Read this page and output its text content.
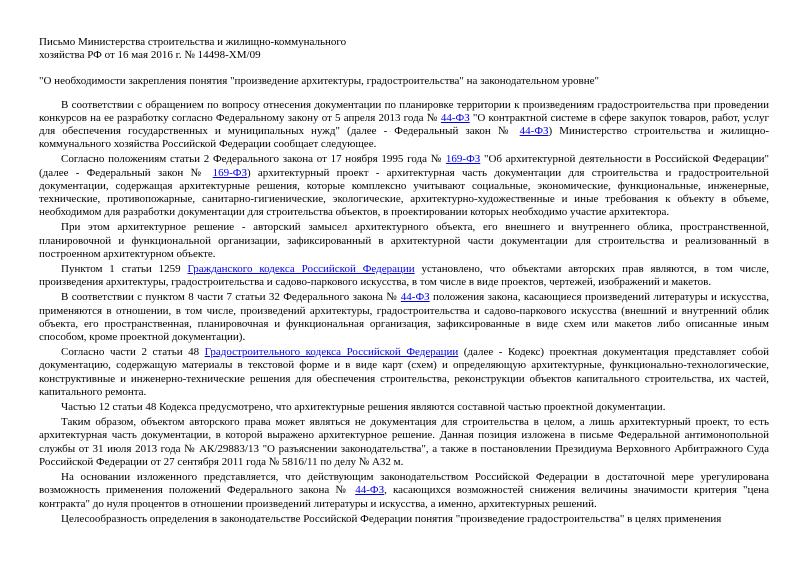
Письмо Министерства строительства и жилищно-коммунального
хозяйства РФ от 16 мая 2016 г. № 14498-ХМ/09
"О необходимости закрепления понятия "произведение архитектуры, градостроительства" на законодательном уровне"

В соответствии с обращением по вопросу отнесения документации по планировке территории к произведениям градостроительства при проведении конкурсов на ее разработку согласно Федеральному закону от 5 апреля 2013 года № 44-ФЗ "О контрактной системе в сфере закупок товаров, работ, услуг для обеспечения государственных и муниципальных нужд" (далее - Федеральный закон № 44-ФЗ) Министерство строительства и жилищно-коммунального хозяйства Российской Федерации сообщает следующее.

Согласно положениям статьи 2 Федерального закона от 17 ноября 1995 года № 169-ФЗ "Об архитектурной деятельности в Российской Федерации" (далее - Федеральный закон № 169-ФЗ) архитектурный проект - архитектурная часть документации для строительства и градостроительной документации, содержащая архитектурные решения, которые комплексно учитывают социальные, экономические, функциональные, инженерные, технические, противопожарные, санитарно-гигиенические, экологические, архитектурно-художественные и иные требования к объекту в объеме, необходимом для разработки документации для строительства объектов, в проектировании которых необходимо участие архитектора.

При этом архитектурное решение - авторский замысел архитектурного объекта, его внешнего и внутреннего облика, пространственной, планировочной и функциональной организации, зафиксированный в архитектурной части документации для строительства и реализованный в построенном архитектурном объекте.

Пунктом 1 статьи 1259 Гражданского кодекса Российской Федерации установлено, что объектами авторских прав являются, в том числе, произведения архитектуры, градостроительства и садово-паркового искусства, в том числе в виде проектов, чертежей, изображений и макетов.

В соответствии с пунктом 8 части 7 статьи 32 Федерального закона № 44-ФЗ положения закона, касающиеся произведений литературы и искусства, применяются в отношении, в том числе, произведений архитектуры, градостроительства и садово-паркового искусства (внешний и внутренний облик объекта, его пространственная, планировочная и функциональная организация, зафиксированные в виде схем или макетов либо описанные иным способом, кроме проектной документации).

Согласно части 2 статьи 48 Градостроительного кодекса Российской Федерации (далее - Кодекс) проектная документация представляет собой документацию, содержащую материалы в текстовой форме и в виде карт (схем) и определяющую архитектурные, функционально-технологические, конструктивные и инженерно-технические решения для обеспечения строительства, реконструкции объектов капитального строительства, их частей, капитального ремонта.

Частью 12 статьи 48 Кодекса предусмотрено, что архитектурные решения являются составной частью проектной документации.

Таким образом, объектом авторского права может являться не документация для строительства в целом, а лишь архитектурный проект, то есть архитектурная часть документации, в которой выражено архитектурное решение. Данная позиция изложена в письме Федеральной антимонопольной службы от 31 июля 2013 года № АК/29883/13 "О разъяснении законодательства", а также в постановлении Президиума Верховного Арбитражного Суда Российской Федерации от 27 сентября 2011 года № 5816/11 по делу № А32 м.

На основании изложенного представляется, что действующим законодательством Российской Федерации в достаточной мере урегулирована возможность применения положений Федерального закона № 44-ФЗ, касающихся возможностей снижения величины значимости критерия "цена контракта" до нуля процентов в отношении произведений литературы и искусства, а именно, архитектурных решений.

Целесообразность определения в законодательстве Российской Федерации понятия "произведение градостроительства" в целях применения
